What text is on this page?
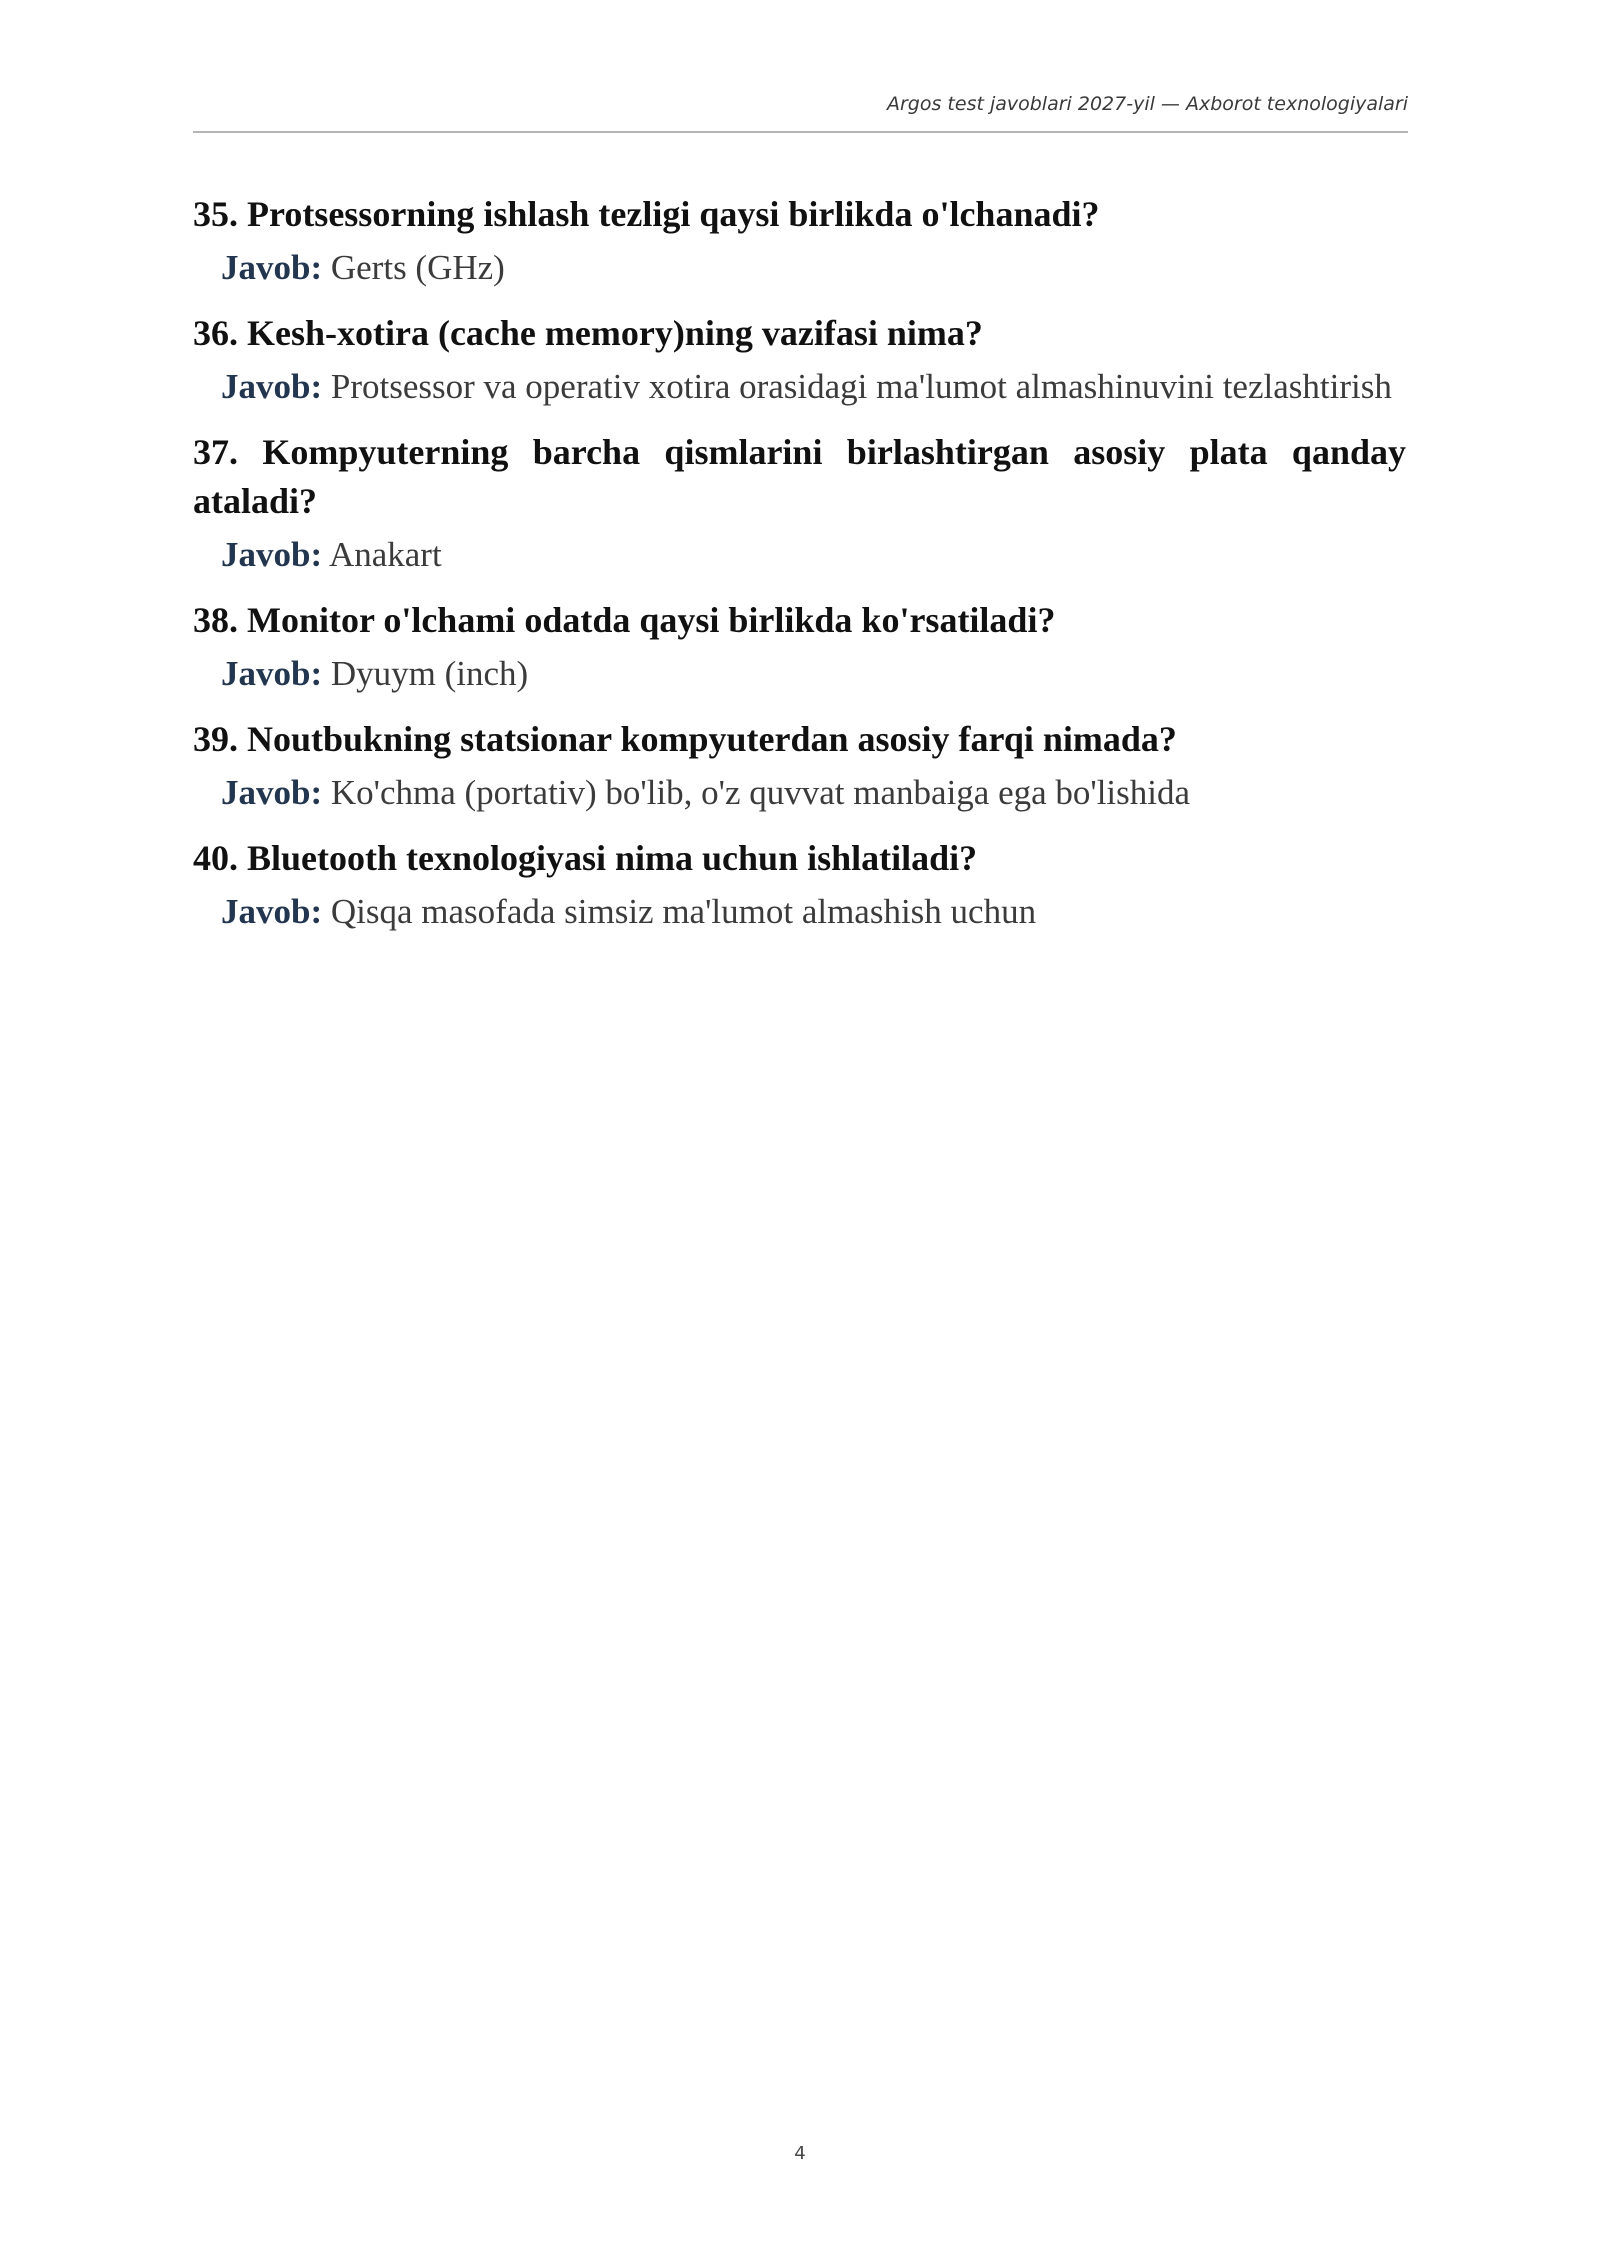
Argos test javoblari 2027-yil — Axborot texnologiyalari

35. Protsessorning ishlash tezligi qaysi birlikda o'lchanadi?

Javob: Gerts (GHz)

36. Kesh-xotira (cache memory)ning vazifasi nima?

Javob: Protsessor va operativ xotira orasidagi ma'lumot almashinuvini tezlashtirish

37. Kompyuterning barcha qismlarini birlashtirgan asosiy plata qanday ataladi?

Javob: Anakart

38. Monitor o'lchami odatda qaysi birlikda ko'rsatiladi?

Javob: Dyuym (inch)

39. Noutbukning statsionar kompyuterdan asosiy farqi nimada?

Javob: Ko'chma (portativ) bo'lib, o'z quvvat manbaiga ega bo'lishida

40. Bluetooth texnologiyasi nima uchun ishlatiladi?

Javob: Qisqa masofada simsiz ma'lumot almashish uchun

4
